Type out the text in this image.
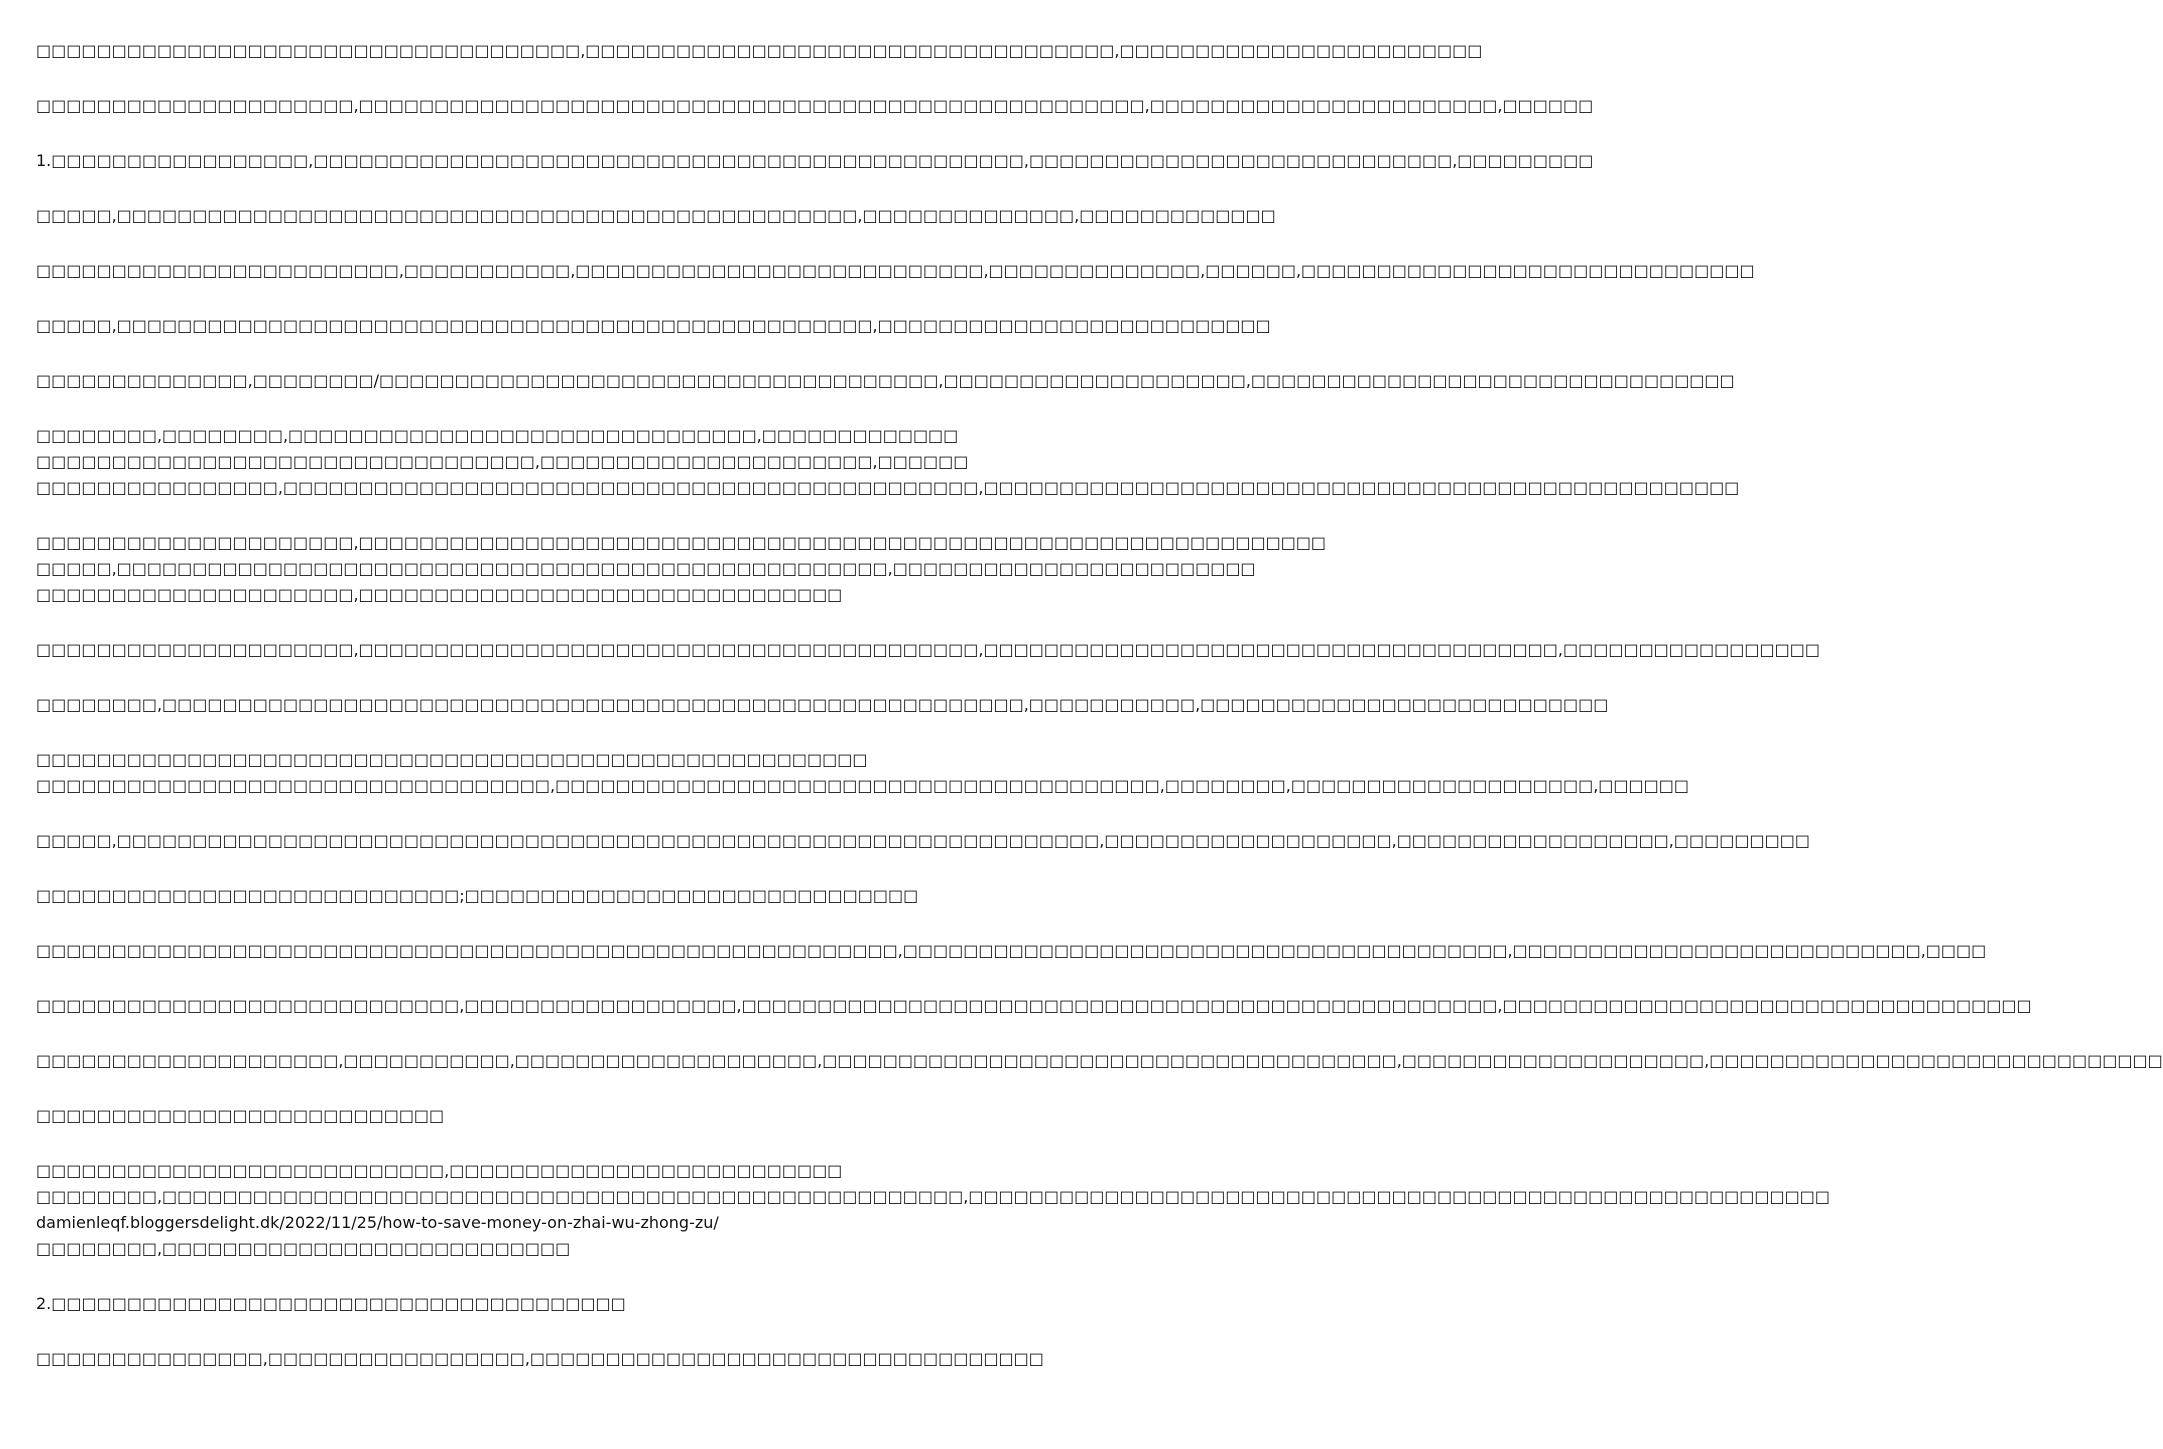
□□□□□□□□□□□□□□□□□□□□□□□□□□□□□□□□□□□□,□□□□□□□□□□□□□□□□□□□□□□□□□□□□□□□□□□□,□□□□□□□□□□□□□□□□□□□□□□□□
□□□□□□□□□□□□□□□□□□□□□,□□□□□□□□□□□□□□□□□□□□□□□□□□□□□□□□□□□□□□□□□□□□□□□□□□□□,□□□□□□□□□□□□□□□□□□□□□□□,□□□□□□
1.□□□□□□□□□□□□□□□□□,□□□□□□□□□□□□□□□□□□□□□□□□□□□□□□□□□□□□□□□□□□□□□□□,□□□□□□□□□□□□□□□□□□□□□□□□□□□□,□□□□□□□□□
□□□□□,□□□□□□□□□□□□□□□□□□□□□□□□□□□□□□□□□□□□□□□□□□□□□□□□□,□□□□□□□□□□□□□□,□□□□□□□□□□□□□
□□□□□□□□□□□□□□□□□□□□□□□□,□□□□□□□□□□□,□□□□□□□□□□□□□□□□□□□□□□□□□□□,□□□□□□□□□□□□□□,□□□□□□,□□□□□□□□□□□□□□□□□□□□□□□□□□□□□□
□□□□□,□□□□□□□□□□□□□□□□□□□□□□□□□□□□□□□□□□□□□□□□□□□□□□□□□□,□□□□□□□□□□□□□□□□□□□□□□□□□□
□□□□□□□□□□□□□□,□□□□□□□□/□□□□□□□□□□□□□□□□□□□□□□□□□□□□□□□□□□□□□,□□□□□□□□□□□□□□□□□□□□,□□□□□□□□□□□□□□□□□□□□□□□□□□□□□□□□
□□□□□□□□,□□□□□□□□,□□□□□□□□□□□□□□□□□□□□□□□□□□□□□□□,□□□□□□□□□□□□□
□□□□□□□□□□□□□□□□□□□□□□□□□□□□□□□□□,□□□□□□□□□□□□□□□□□□□□□□,□□□□□□
□□□□□□□□□□□□□□□□,□□□□□□□□□□□□□□□□□□□□□□□□□□□□□□□□□□□□□□□□□□□□□□,□□□□□□□□□□□□□□□□□□□□□□□□□□□□□□□□□□□□□□□□□□□□□□□□□□
□□□□□□□□□□□□□□□□□□□□□,□□□□□□□□□□□□□□□□□□□□□□□□□□□□□□□□□□□□□□□□□□□□□□□□□□□□□□□□□□□□□□□□
□□□□□,□□□□□□□□□□□□□□□□□□□□□□□□□□□□□□□□□□□□□□□□□□□□□□□□□□□,□□□□□□□□□□□□□□□□□□□□□□□□
□□□□□□□□□□□□□□□□□□□□□,□□□□□□□□□□□□□□□□□□□□□□□□□□□□□□□□
□□□□□□□□□□□□□□□□□□□□□,□□□□□□□□□□□□□□□□□□□□□□□□□□□□□□□□□□□□□□□□□,□□□□□□□□□□□□□□□□□□□□□□□□□□□□□□□□□□□□□□,□□□□□□□□□□□□□□□□□
□□□□□□□□,□□□□□□□□□□□□□□□□□□□□□□□□□□□□□□□□□□□□□□□□□□□□□□□□□□□□□□□□□,□□□□□□□□□□□,□□□□□□□□□□□□□□□□□□□□□□□□□□□
□□□□□□□□□□□□□□□□□□□□□□□□□□□□□□□□□□□□□□□□□□□□□□□□□□□□□□□
□□□□□□□□□□□□□□□□□□□□□□□□□□□□□□□□□□,□□□□□□□□□□□□□□□□□□□□□□□□□□□□□□□□□□□□□□□□,□□□□□□□□,□□□□□□□□□□□□□□□□□□□□,□□□□□□
□□□□□,□□□□□□□□□□□□□□□□□□□□□□□□□□□□□□□□□□□□□□□□□□□□□□□□□□□□□□□□□□□□□□□□□,□□□□□□□□□□□□□□□□□□□,□□□□□□□□□□□□□□□□□□,□□□□□□□□□
□□□□□□□□□□□□□□□□□□□□□□□□□□□□;□□□□□□□□□□□□□□□□□□□□□□□□□□□□□□
□□□□□□□□□□□□□□□□□□□□□□□□□□□□□□□□□□□□□□□□□□□□□□□□□□□□□□□□□,□□□□□□□□□□□□□□□□□□□□□□□□□□□□□□□□□□□□□□□□,□□□□□□□□□□□□□□□□□□□□□□□□□□□,□□□□
□□□□□□□□□□□□□□□□□□□□□□□□□□□□,□□□□□□□□□□□□□□□□□□,□□□□□□□□□□□□□□□□□□□□□□□□□□□□□□□□□□□□□□□□□□□□□□□□□□,□□□□□□□□□□□□□□□□□□□□□□□□□□□□□□□□□□□
□□□□□□□□□□□□□□□□□□□□,□□□□□□□□□□□,□□□□□□□□□□□□□□□□□□□□,□□□□□□□□□□□□□□□□□□□□□□□□□□□□□□□□□□□□□□,□□□□□□□□□□□□□□□□□□□□,□□□□□□□□□□□□□□□□□□□□□□□□□□□□□□
□□□□□□□□□□□□□□□□□□□□□□□□□□□
□□□□□□□□□□□□□□□□□□□□□□□□□□□,□□□□□□□□□□□□□□□□□□□□□□□□□□
□□□□□□□□,□□□□□□□□□□□□□□□□□□□□□□□□□□□□□□□□□□□□□□□□□□□□□□□□□□□□□,□□□□□□□□□□□□□□□□□□□□□□□□□□□□□□□□□□□□□□□□□□□□□□□□□□□□□□□□□
damienleqf.bloggersdelight.dk/2022/11/25/how-to-save-money-on-zhai-wu-zhong-zu/
□□□□□□□□,□□□□□□□□□□□□□□□□□□□□□□□□□□□
2.□□□□□□□□□□□□□□□□□□□□□□□□□□□□□□□□□□□□□□
□□□□□□□□□□□□□□□,□□□□□□□□□□□□□□□□□,□□□□□□□□□□□□□□□□□□□□□□□□□□□□□□□□□□
